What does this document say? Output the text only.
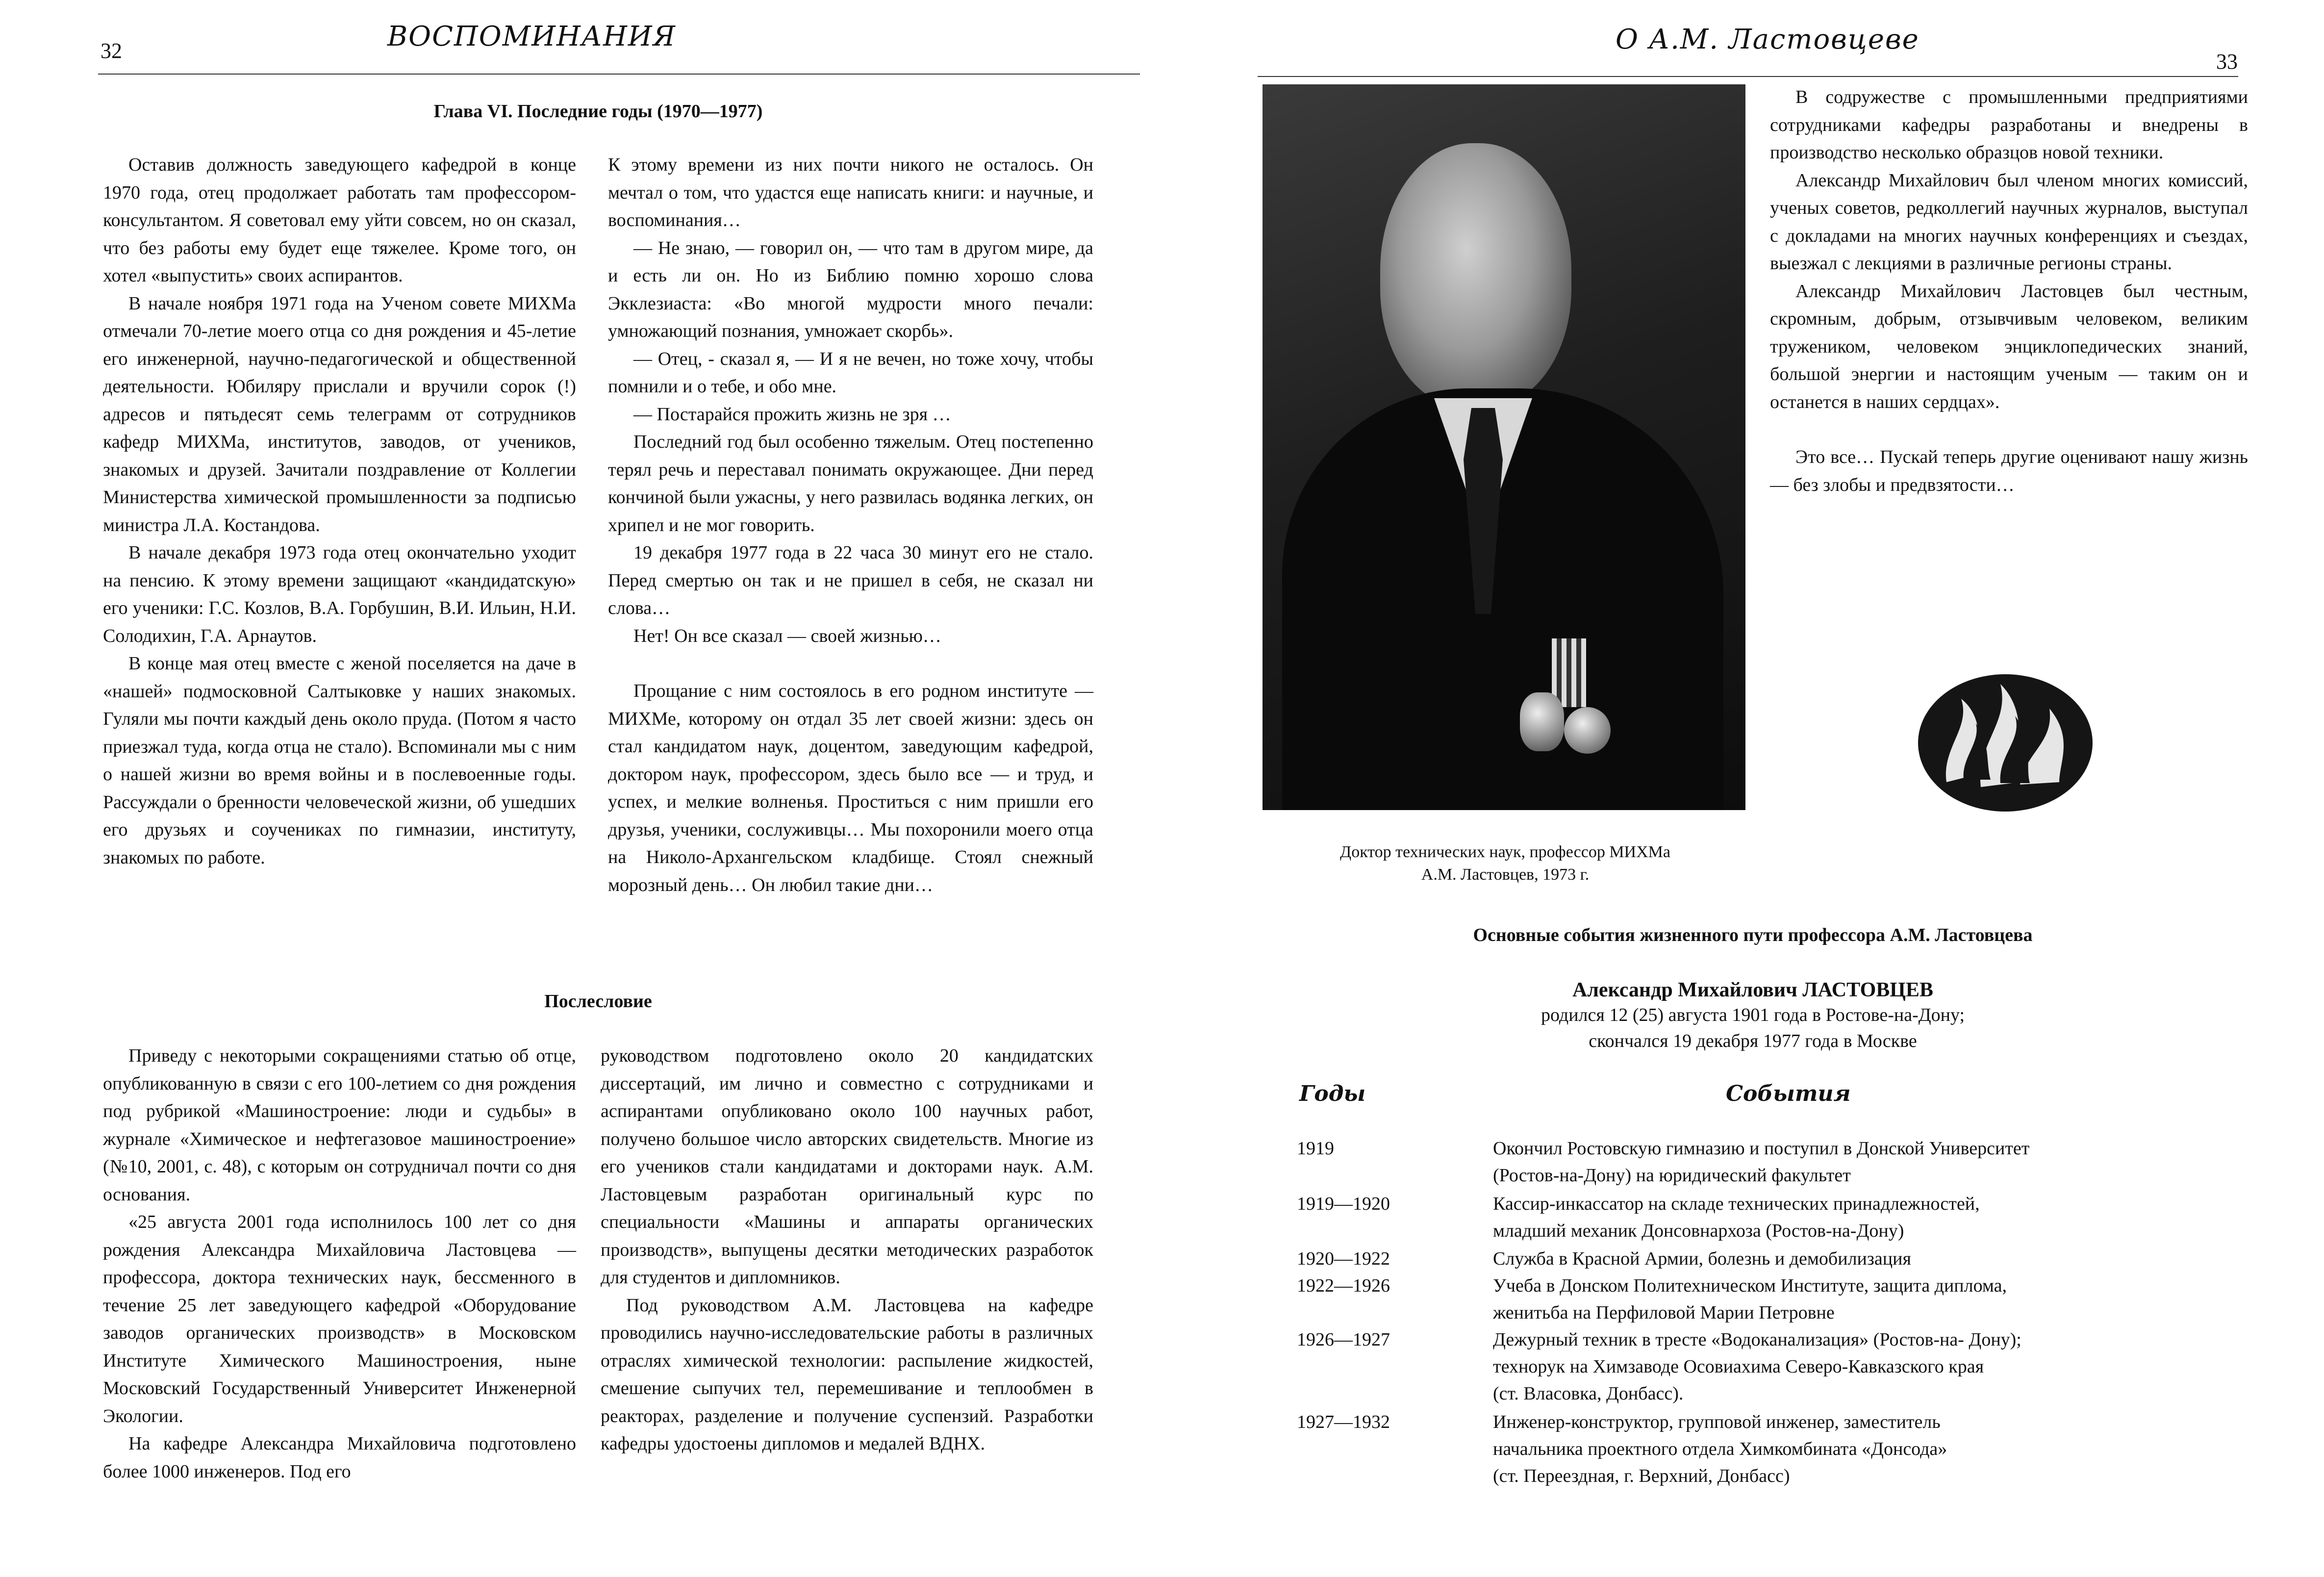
32	ВОСПОМИНАНИЯ
Глава VI. Последние годы (1970—1977)

Оставив должность заведующего кафедрой в конце 1970 года, отец продолжает работать там профессором-консультантом. Я советовал ему уйти совсем, но он сказал, что без работы ему будет еще тяжелее. Кроме того, он хотел «выпустить» своих аспирантов.

В начале ноября 1971 года на Ученом совете МИХМа отмечали 70-летие моего отца со дня рождения и 45-летие его инженерной, научно-педагогической и общественной деятельности. Юбиляру прислали и вручили сорок (!) адресов и пятьдесят семь телеграмм от сотрудников кафедр МИХМа, институтов, заводов, от учеников, знакомых и друзей. Зачитали поздравление от Коллегии Министерства химической промышленности за подписью министра Л.А. Костандова.

В начале декабря 1973 года отец окончательно уходит на пенсию. К этому времени защищают «кандидатскую» его ученики: Г.С. Козлов, В.А. Горбушин, В.И. Ильин, Н.И. Солодихин, Г.А. Арнаутов.

В конце мая отец вместе с женой поселяется на даче в «нашей» подмосковной Салтыковке у наших знакомых. Гуляли мы почти каждый день около пруда. (Потом я часто приезжал туда, когда отца не стало). Вспоминали мы с ним о нашей жизни во время войны и в послевоенные годы. Рассуждали о бренности человеческой жизни, об ушедших его друзьях и соучениках по гимназии, институту, знакомых по работе.

К этому времени из них почти никого не осталось. Он мечтал о том, что удастся еще написать книги: и научные, и воспоминания…

— Не знаю, — говорил он, — что там в другом мире, да и есть ли он. Но из Библию помню хорошо слова Экклезиаста: «Во многой мудрости много печали: умножающий познания, умножает скорбь».

— Отец, - сказал я, — И я не вечен, но тоже хочу, чтобы помнили и о тебе, и обо мне.

— Постарайся прожить жизнь не зря …

Последний год был особенно тяжелым. Отец постепенно терял речь и переставал понимать окружающее. Дни перед кончиной были ужасны, у него развилась водянка легких, он хрипел и не мог говорить.

19 декабря 1977 года в 22 часа 30 минут его не стало. Перед смертью он так и не пришел в себя, не сказал ни слова…

Нет! Он все сказал — своей жизнью…

Прощание с ним состоялось в его родном институте — МИХМе, которому он отдал 35 лет своей жизни: здесь он стал кандидатом наук, доцентом, заведующим кафедрой, доктором наук, профессором, здесь было все — и труд, и успех, и мелкие волненья. Проститься с ним пришли его друзья, ученики, сослуживцы… Мы похоронили моего отца на Николо-Архангельском кладбище. Стоял снежный морозный день… Он любил такие дни…

Послесловие

Приведу с некоторыми сокращениями статью об отце, опубликованную в связи с его 100-летием со дня рождения под рубрикой «Машиностроение: люди и судьбы» в журнале «Химическое и нефтегазовое машиностроение» (№10, 2001, с. 48), с которым он сотрудничал почти со дня основания.

«25 августа 2001 года исполнилось 100 лет со дня рождения Александра Михайловича Ластовцева — профессора, доктора технических наук, бессменного в течение 25 лет заведующего кафедрой «Оборудование заводов органических производств» в Московском Институте Химического Машиностроения, ныне Московский Государственный Университет Инженерной Экологии.

На кафедре Александра Михайловича подготовлено более 1000 инженеров. Под его

руководством подготовлено около 20 кандидатских диссертаций, им лично и совместно с сотрудниками и аспирантами опубликовано около 100 научных работ, получено большое число авторских свидетельств. Многие из его учеников стали кандидатами и докторами наук. А.М. Ластовцевым разработан оригинальный курс по специальности «Машины и аппараты органических производств», выпущены десятки методических разработок для студентов и дипломников.

Под руководством А.М. Ластовцева на кафедре проводились научно-исследовательские работы в различных отраслях химической технологии: распыление жидкостей, смешение сыпучих тел, перемешивание и теплообмен в реакторах, разделение и получение суспензий. Разработки кафедры удостоены дипломов и медалей ВДНХ.

О А.М. Ластовцеве
33
Доктор технических наук, профессор МИХМа
А.М. Ластовцев, 1973 г.

В содружестве с промышленными предприятиями сотрудниками кафедры разработаны и внедрены в производство несколько образцов новой техники.

Александр Михайлович был членом многих комиссий, ученых советов, редколлегий научных журналов, выступал с докладами на многих научных конференциях и съездах, выезжал с лекциями в различные регионы страны.

Александр Михайлович Ластовцев был честным, скромным, добрым, отзывчивым человеком, великим тружеником, человеком энциклопедических знаний, большой энергии и настоящим ученым — таким он и останется в наших сердцах».

Это все… Пускай теперь другие оценивают нашу жизнь — без злобы и предвзятости…

Основные события жизненного пути профессора А.М. Ластовцева
Александр Михайлович ЛАСТОВЦЕВ
родился 12 (25) августа 1901 года в Ростове-на-Дону;
скончался 19 декабря 1977 года в Москве
Годы	События
1919	Окончил Ростовскую гимназию и поступил в Донской Университет
(Ростов-на-Дону) на юридический факультет
1919—1920	Кассир-инкассатор на складе технических принадлежностей,
младший механик Донсовнархоза (Ростов-на-Дону)
1920—1922	Служба в Красной Армии, болезнь и демобилизация
1922—1926	Учеба в Донском Политехническом Институте, защита диплома,
женитьба на Перфиловой Марии Петровне
1926—1927	Дежурный техник в тресте «Водоканализация» (Ростов-на- Дону);
технорук на Химзаводе Осовиахима Северо-Кавказского края
(ст. Власовка, Донбасс).
1927—1932	Инженер-конструктор, групповой инженер, заместитель
начальника проектного отдела Химкомбината «Донсода»
(ст. Переездная, г. Верхний, Донбасс)
